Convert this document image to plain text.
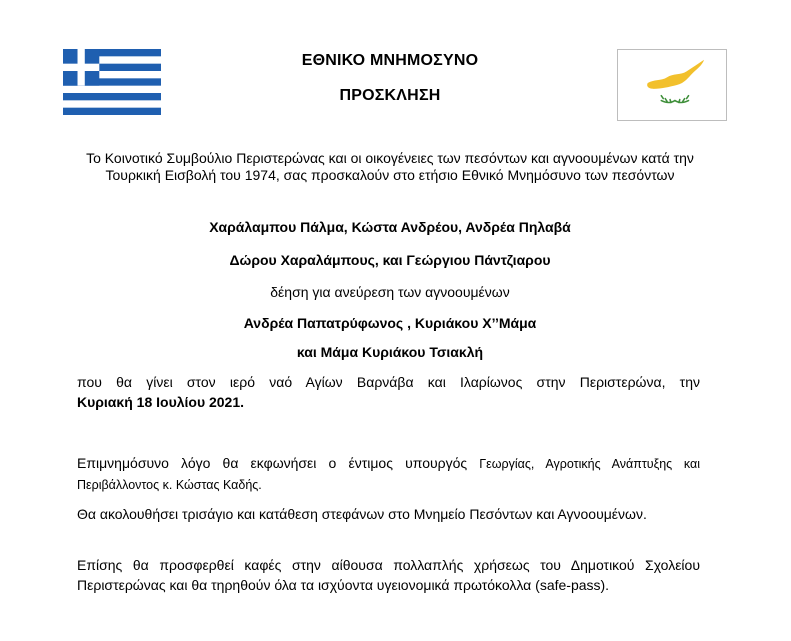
ΕΘΝΙΚΟ ΜΝΗΜΟΣΥΝΟ
ΠΡΟΣΚΛΗΣΗ
Το Κοινοτικό Συμβούλιο Περιστερώνας και οι οικογένειες των πεσόντων και αγνοουμένων κατά την Τουρκική Εισβολή του 1974, σας προσκαλούν στο ετήσιο Εθνικό Μνημόσυνο των πεσόντων
Χαράλαμπου Πάλμα, Κώστα Ανδρέου, Ανδρέα Πηλαβά
Δώρου Χαραλάμπους, και Γεώργιου Πάντζιαρου
δέηση για ανεύρεση των αγνοουμένων
Ανδρέα Παπατρύφωνος , Κυριάκου Χ’’Μάμα
και Μάμα Κυριάκου Τσιακλή
που θα γίνει στον ιερό ναό Αγίων Βαρνάβα και Ιλαρίωνος στην Περιστερώνα, την
Κυριακή 18 Ιουλίου 2021.
Επιμνημόσυνο λόγο θα εκφωνήσει ο έντιμος υπουργός Γεωργίας, Αγροτικής Ανάπτυξης και Περιβάλλοντος κ. Κώστας Καδής.
Θα ακολουθήσει τρισάγιο και κατάθεση στεφάνων στο Μνημείο Πεσόντων και Αγνοουμένων.
Επίσης θα προσφερθεί καφές στην αίθουσα πολλαπλής χρήσεως του Δημοτικού Σχολείου Περιστερώνας και θα τηρηθούν όλα τα ισχύοντα υγειονομικά πρωτόκολλα (safe-pass).
